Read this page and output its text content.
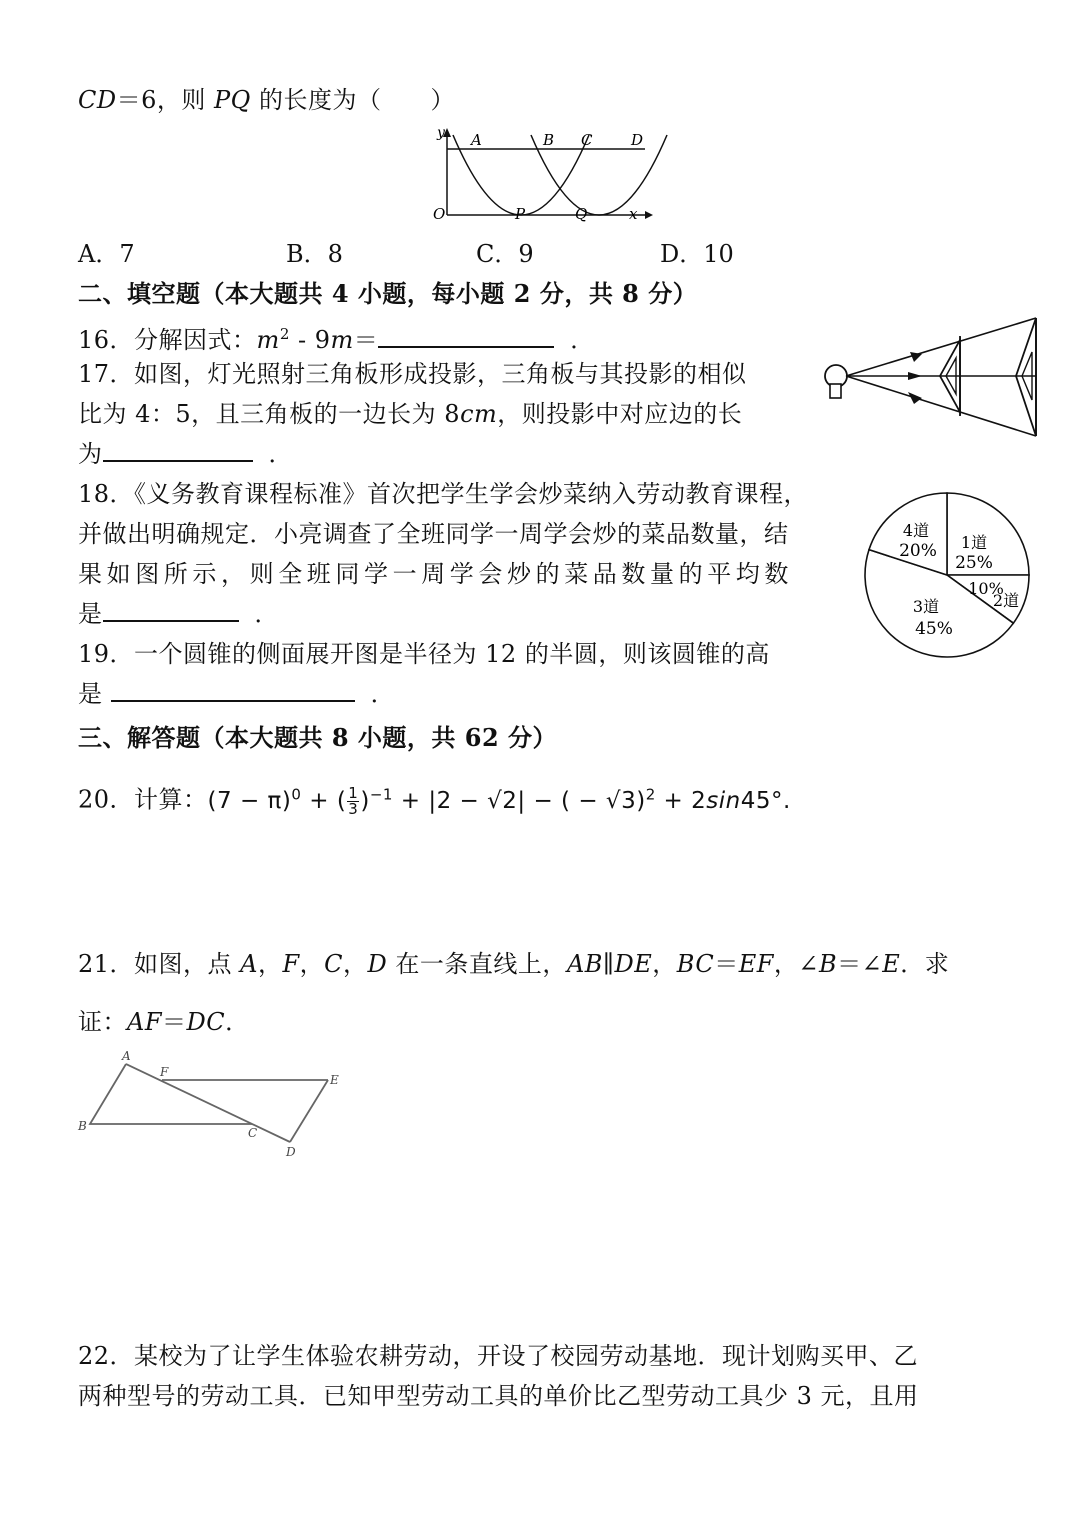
CD＝6，则 PQ 的长度为（　　）
y A	B C	D
O	P	Q	x
A．7	B．8	C．9	D．10
二、填空题（本大题共 4 小题，每小题 2 分，共 8 分）
16．分解因式：$m^2 - 9m=$	．
17．如图，灯光照射三角板形成投影，三角板与其投影的相似
比为 4：5，且三角板的一边长为 8cm，则投影中对应边的长
为	．
18．《义务教育课程标准》首次把学生学会炒菜纳入劳动教育课程，
并做出明确规定．小亮调查了全班同学一周学会炒的菜品数量，结
果如图所示，则全班同学一周学会炒的菜品数量的平均数
是	．
1道
25%
10%
2道
3道
45%
4道
20%
19．一个圆锥的侧面展开图是半径为 12 的半圆，则该圆锥的高
是	．
三、解答题（本大题共 8 小题，共 62 分）
20．计算：$(7 - \pi)^0$ + ( $\frac{1}{3} )^{-1} + |2 - √2|$ − ( − √3)$^2$ + 2sin45°.
21．如图，点 A，F，C，D 在一条直线上，AB∥DE，BC＝EF，∠B＝∠E．求
证：AF＝DC．
A
F
E
B	C
D
22．某校为了让学生体验农耕劳动，开设了校园劳动基地．现计划购买甲、乙
两种型号的劳动工具．已知甲型劳动工具的单价比乙型劳动工具少 3 元，且用
